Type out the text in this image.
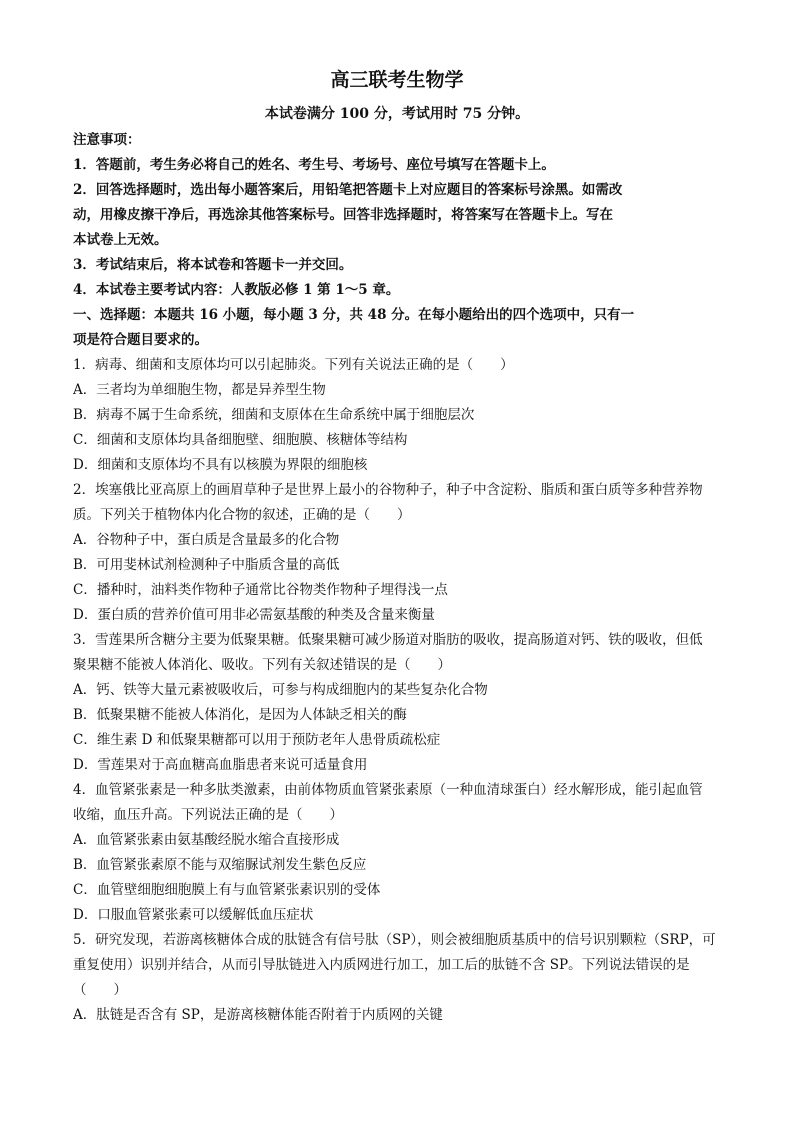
高三联考生物学
本试卷满分 100 分，考试用时 75 分钟。
注意事项：
1．答题前，考生务必将自己的姓名、考生号、考场号、座位号填写在答题卡上。
2．回答选择题时，选出每小题答案后，用铅笔把答题卡上对应题目的答案标号涂黑。如需改
动，用橡皮擦干净后，再选涂其他答案标号。回答非选择题时，将答案写在答题卡上。写在
本试卷上无效。
3．考试结束后，将本试卷和答题卡一并交回。
4．本试卷主要考试内容：人教版必修 1 第 1～5 章。
一、选择题：本题共 16 小题，每小题 3 分，共 48 分。在每小题给出的四个选项中，只有一
项是符合题目要求的。
1．病毒、细菌和支原体均可以引起肺炎。下列有关说法正确的是（　　）
A．三者均为单细胞生物，都是异养型生物
B．病毒不属于生命系统，细菌和支原体在生命系统中属于细胞层次
C．细菌和支原体均具备细胞壁、细胞膜、核糖体等结构
D．细菌和支原体均不具有以核膜为界限的细胞核
2．埃塞俄比亚高原上的画眉草种子是世界上最小的谷物种子，种子中含淀粉、脂质和蛋白质等多种营养物
质。下列关于植物体内化合物的叙述，正确的是（　　）
A．谷物种子中，蛋白质是含量最多的化合物
B．可用斐林试剂检测种子中脂质含量的高低
C．播种时，油料类作物种子通常比谷物类作物种子埋得浅一点
D．蛋白质的营养价值可用非必需氨基酸的种类及含量来衡量
3．雪莲果所含糖分主要为低聚果糖。低聚果糖可减少肠道对脂肪的吸收，提高肠道对钙、铁的吸收，但低
聚果糖不能被人体消化、吸收。下列有关叙述错误的是（　　）
A．钙、铁等大量元素被吸收后，可参与构成细胞内的某些复杂化合物
B．低聚果糖不能被人体消化，是因为人体缺乏相关的酶
C．维生素 D 和低聚果糖都可以用于预防老年人患骨质疏松症
D．雪莲果对于高血糖高血脂患者来说可适量食用
4．血管紧张素是一种多肽类激素，由前体物质血管紧张素原（一种血清球蛋白）经水解形成，能引起血管
收缩，血压升高。下列说法正确的是（　　）
A．血管紧张素由氨基酸经脱水缩合直接形成
B．血管紧张素原不能与双缩脲试剂发生紫色反应
C．血管壁细胞细胞膜上有与血管紧张素识别的受体
D．口服血管紧张素可以缓解低血压症状
5．研究发现，若游离核糖体合成的肽链含有信号肽（SP），则会被细胞质基质中的信号识别颗粒（SRP，可
重复使用）识别并结合，从而引导肽链进入内质网进行加工，加工后的肽链不含 SP。下列说法错误的是
（　　）
A．肽链是否含有 SP，是游离核糖体能否附着于内质网的关键
